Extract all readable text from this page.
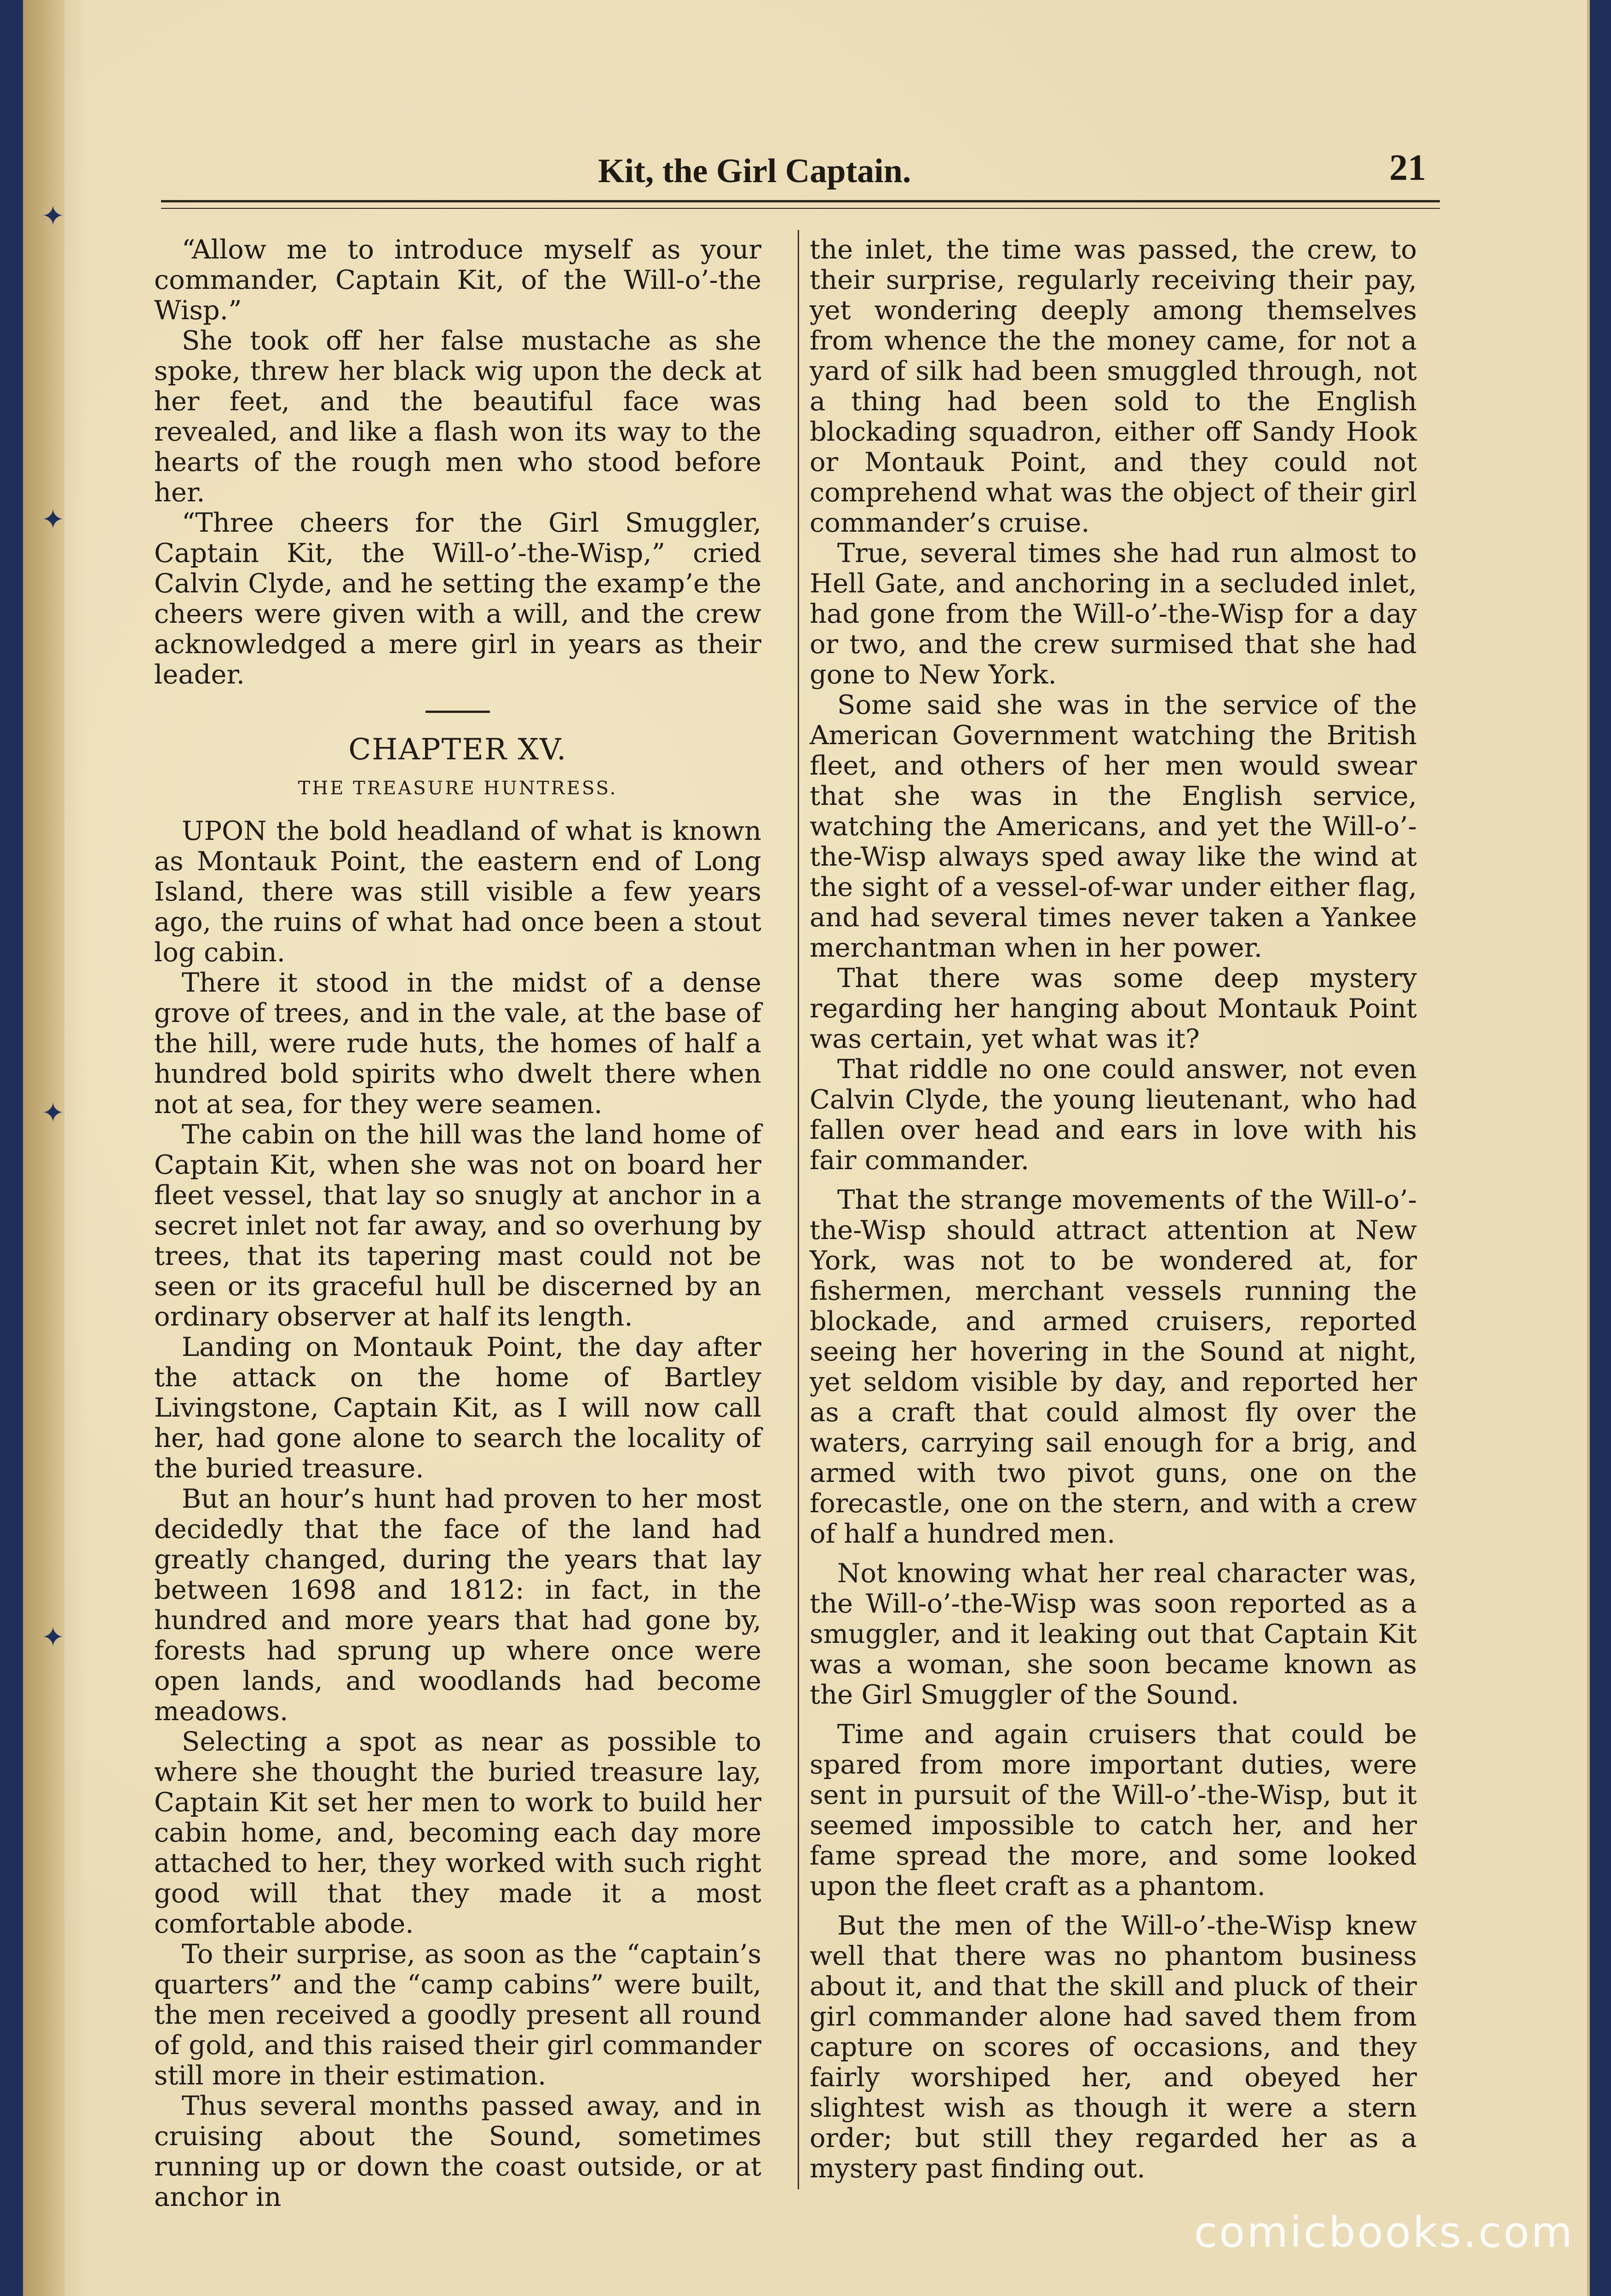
✦
✦
✦
✦
Kit, the Girl Captain.	21

“Allow me to introduce myself as your commander, Captain Kit, of the Will-o’-the Wisp.”

She took off her false mustache as she spoke, threw her black wig upon the deck at her feet, and the beautiful face was revealed, and like a flash won its way to the hearts of the rough men who stood before her.

“Three cheers for the Girl Smuggler, Captain Kit, the Will-o’-the-Wisp,” cried Calvin Clyde, and he setting the examp’e the cheers were given with a will, and the crew acknowledged a mere girl in years as their leader.

CHAPTER XV.
THE TREASURE HUNTRESS.

UPON the bold headland of what is known as Montauk Point, the eastern end of Long Island, there was still visible a few years ago, the ruins of what had once been a stout log cabin.

There it stood in the midst of a dense grove of trees, and in the vale, at the base of the hill, were rude huts, the homes of half a hundred bold spirits who dwelt there when not at sea, for they were seamen.

The cabin on the hill was the land home of Captain Kit, when she was not on board her fleet vessel, that lay so snugly at anchor in a secret inlet not far away, and so overhung by trees, that its tapering mast could not be seen or its graceful hull be discerned by an ordinary observer at half its length.

Landing on Montauk Point, the day after the attack on the home of Bartley Livingstone, Captain Kit, as I will now call her, had gone alone to search the locality of the buried treasure.

But an hour’s hunt had proven to her most decidedly that the face of the land had greatly changed, during the years that lay between 1698 and 1812: in fact, in the hundred and more years that had gone by, forests had sprung up where once were open lands, and woodlands had become meadows.

Selecting a spot as near as possible to where she thought the buried treasure lay, Captain Kit set her men to work to build her cabin home, and, becoming each day more attached to her, they worked with such right good will that they made it a most comfortable abode.

To their surprise, as soon as the “captain’s quarters” and the “camp cabins” were built, the men received a goodly present all round of gold, and this raised their girl commander still more in their estimation.

Thus several months passed away, and in cruising about the Sound, sometimes running up or down the coast outside, or at anchor in

the inlet, the time was passed, the crew, to their surprise, regularly receiving their pay, yet wondering deeply among themselves from whence the the money came, for not a yard of silk had been smuggled through, not a thing had been sold to the English blockading squadron, either off Sandy Hook or Montauk Point, and they could not comprehend what was the object of their girl commander’s cruise.

True, several times she had run almost to Hell Gate, and anchoring in a secluded inlet, had gone from the Will-o’-the-Wisp for a day or two, and the crew surmised that she had gone to New York.

Some said she was in the service of the American Government watching the British fleet, and others of her men would swear that she was in the English service, watching the Americans, and yet the Will-o’-the-Wisp always sped away like the wind at the sight of a vessel-of-war under either flag, and had several times never taken a Yankee merchantman when in her power.

That there was some deep mystery regarding her hanging about Montauk Point was certain, yet what was it?

That riddle no one could answer, not even Calvin Clyde, the young lieutenant, who had fallen over head and ears in love with his fair commander.

That the strange movements of the Will-o’-the-Wisp should attract attention at New York, was not to be wondered at, for fishermen, merchant vessels running the blockade, and armed cruisers, reported seeing her hovering in the Sound at night, yet seldom visible by day, and reported her as a craft that could almost fly over the waters, carrying sail enough for a brig, and armed with two pivot guns, one on the forecastle, one on the stern, and with a crew of half a hundred men.

Not knowing what her real character was, the Will-o’-the-Wisp was soon reported as a smuggler, and it leaking out that Captain Kit was a woman, she soon became known as the Girl Smuggler of the Sound.

Time and again cruisers that could be spared from more important duties, were sent in pursuit of the Will-o’-the-Wisp, but it seemed impossible to catch her, and her fame spread the more, and some looked upon the fleet craft as a phantom.

But the men of the Will-o’-the-Wisp knew well that there was no phantom business about it, and that the skill and pluck of their girl commander alone had saved them from capture on scores of occasions, and they fairly worshiped her, and obeyed her slightest wish as though it were a stern order; but still they regarded her as a mystery past finding out.

comicbooks.com
